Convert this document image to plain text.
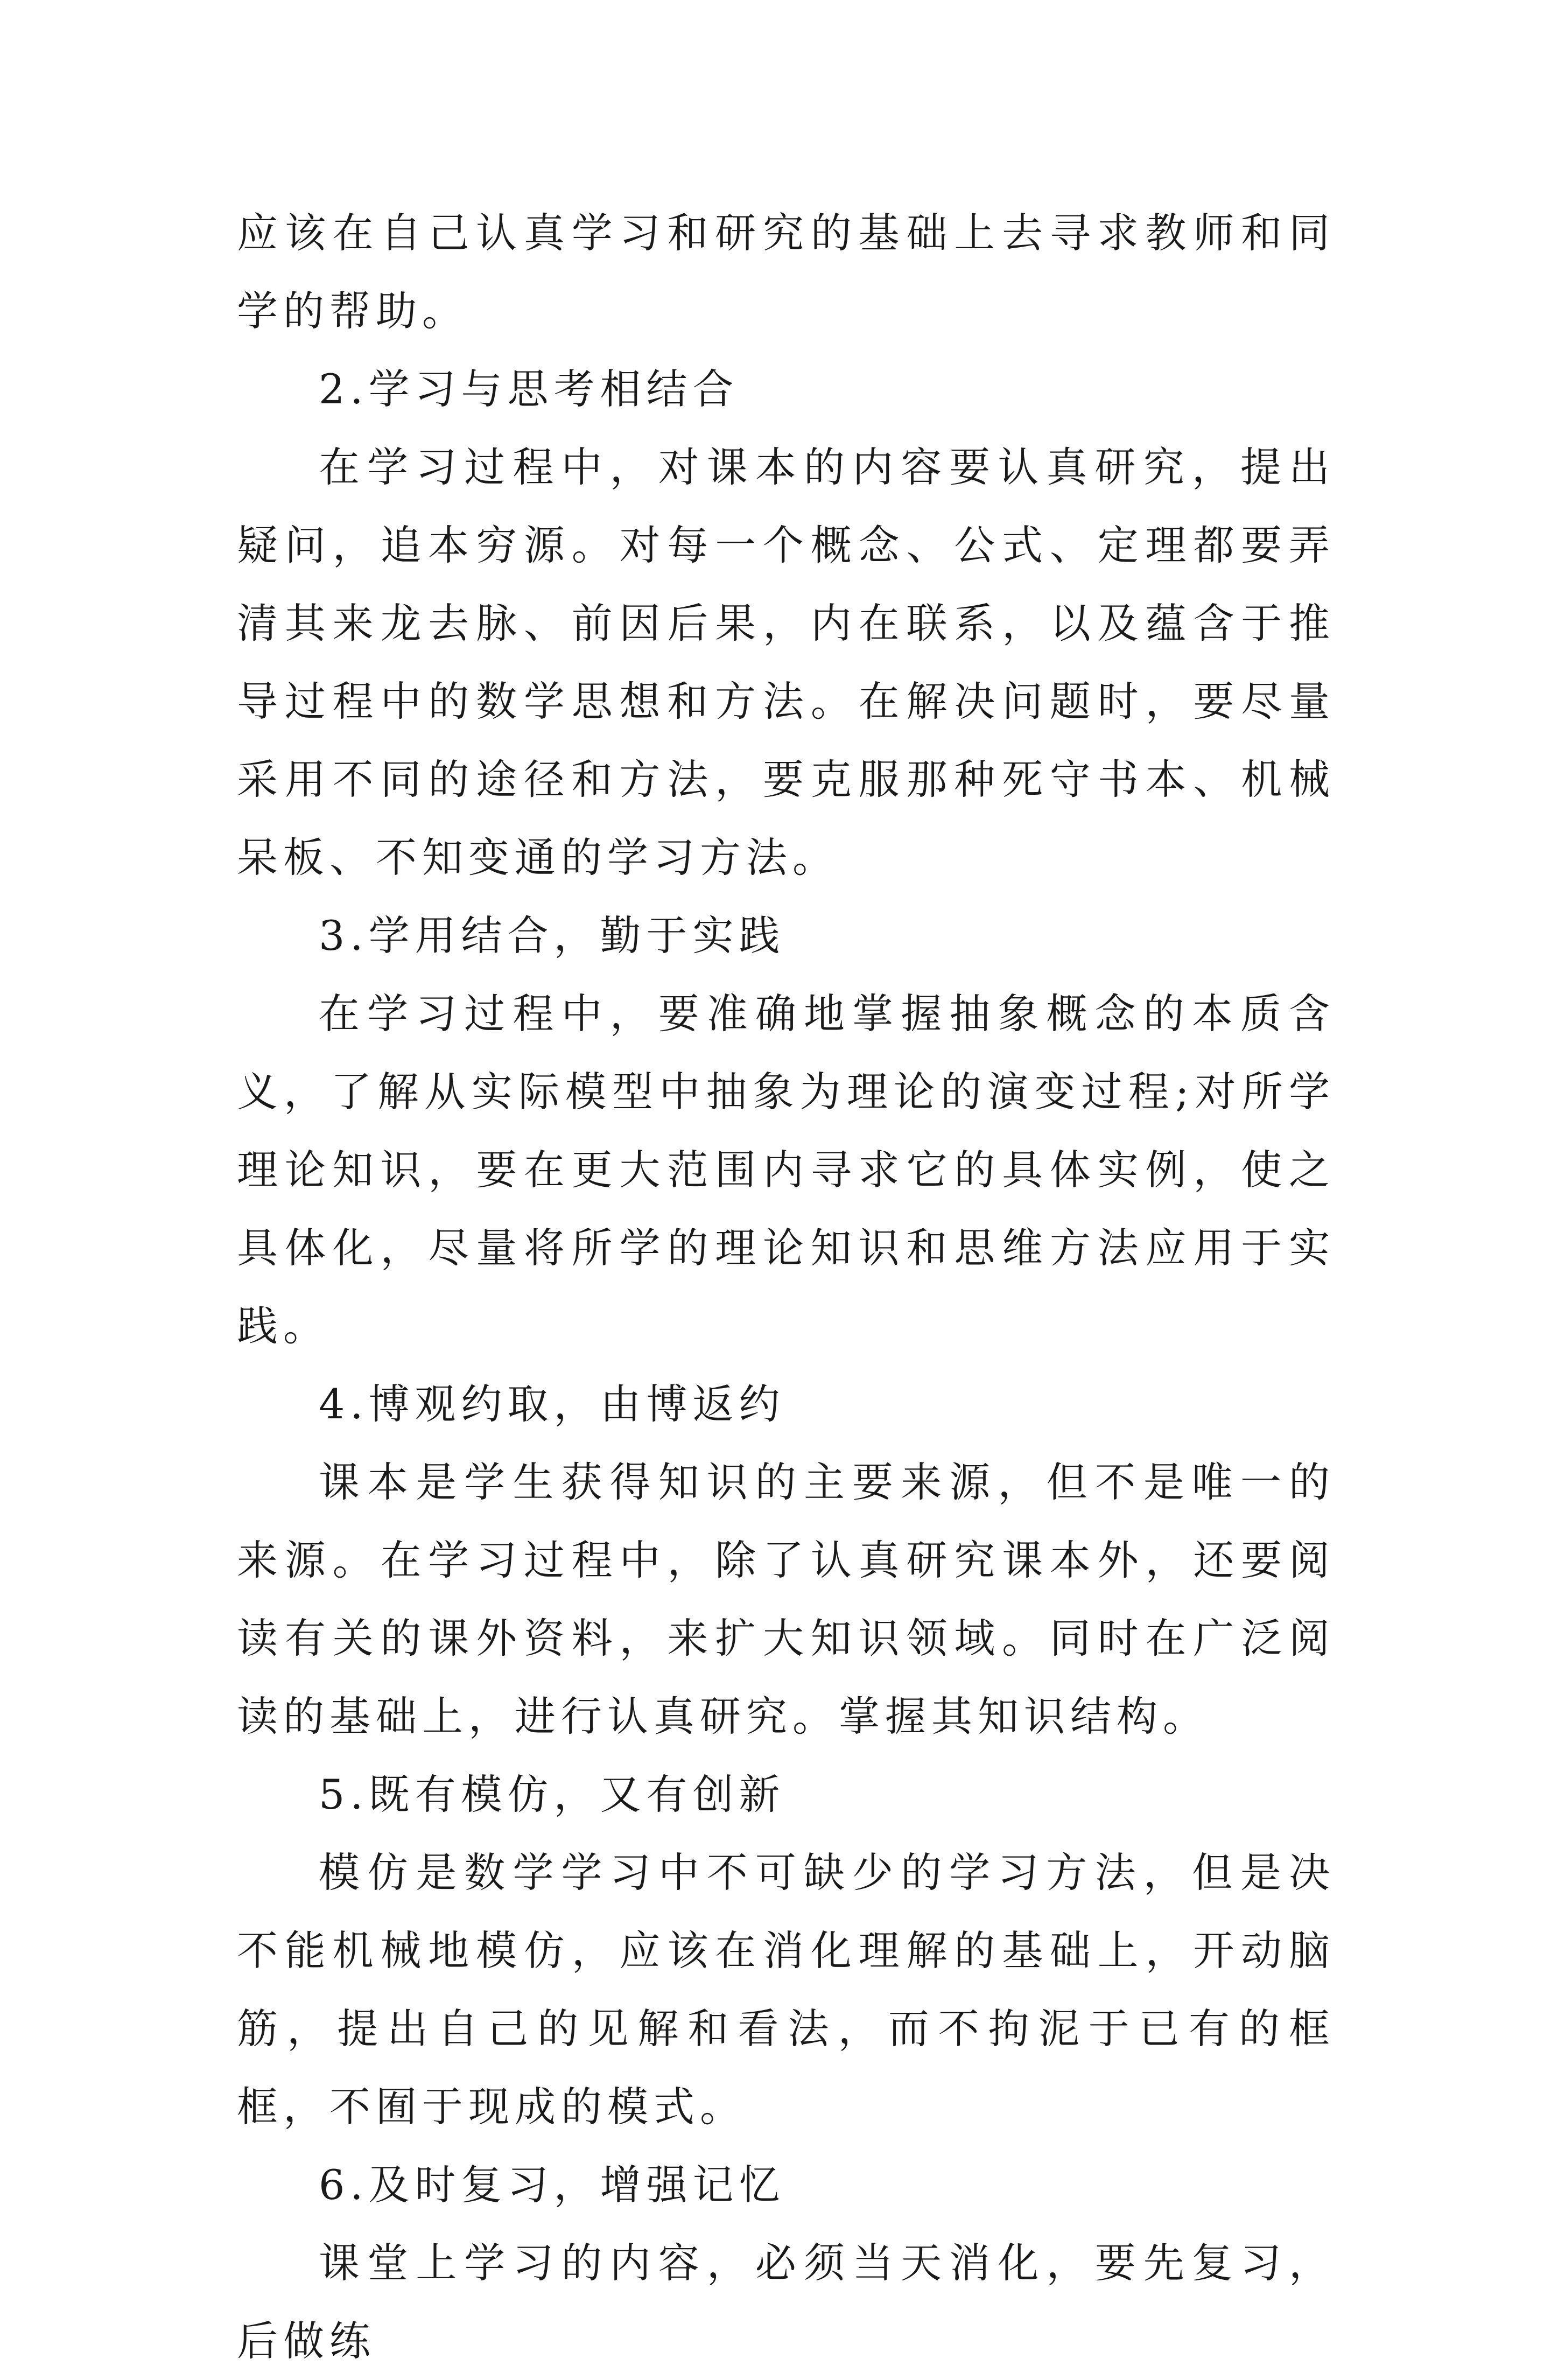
应该在自己认真学习和研究的基础上去寻求教师和同学的帮助。

2.学习与思考相结合

在学习过程中，对课本的内容要认真研究，提出疑问，追本穷源。对每一个概念、公式、定理都要弄清其来龙去脉、前因后果，内在联系，以及蕴含于推导过程中的数学思想和方法。在解决问题时，要尽量采用不同的途径和方法，要克服那种死守书本、机械呆板、不知变通的学习方法。

3.学用结合，勤于实践

在学习过程中，要准确地掌握抽象概念的本质含义，了解从实际模型中抽象为理论的演变过程;对所学理论知识，要在更大范围内寻求它的具体实例，使之具体化，尽量将所学的理论知识和思维方法应用于实践。

4.博观约取，由博返约

课本是学生获得知识的主要来源，但不是唯一的来源。在学习过程中，除了认真研究课本外，还要阅读有关的课外资料，来扩大知识领域。同时在广泛阅读的基础上，进行认真研究。掌握其知识结构。

5.既有模仿，又有创新

模仿是数学学习中不可缺少的学习方法，但是决不能机械地模仿，应该在消化理解的基础上，开动脑筋，提出自己的见解和看法，而不拘泥于已有的框框，不囿于现成的模式。

6.及时复习，增强记忆

课堂上学习的内容，必须当天消化，要先复习，后做练
